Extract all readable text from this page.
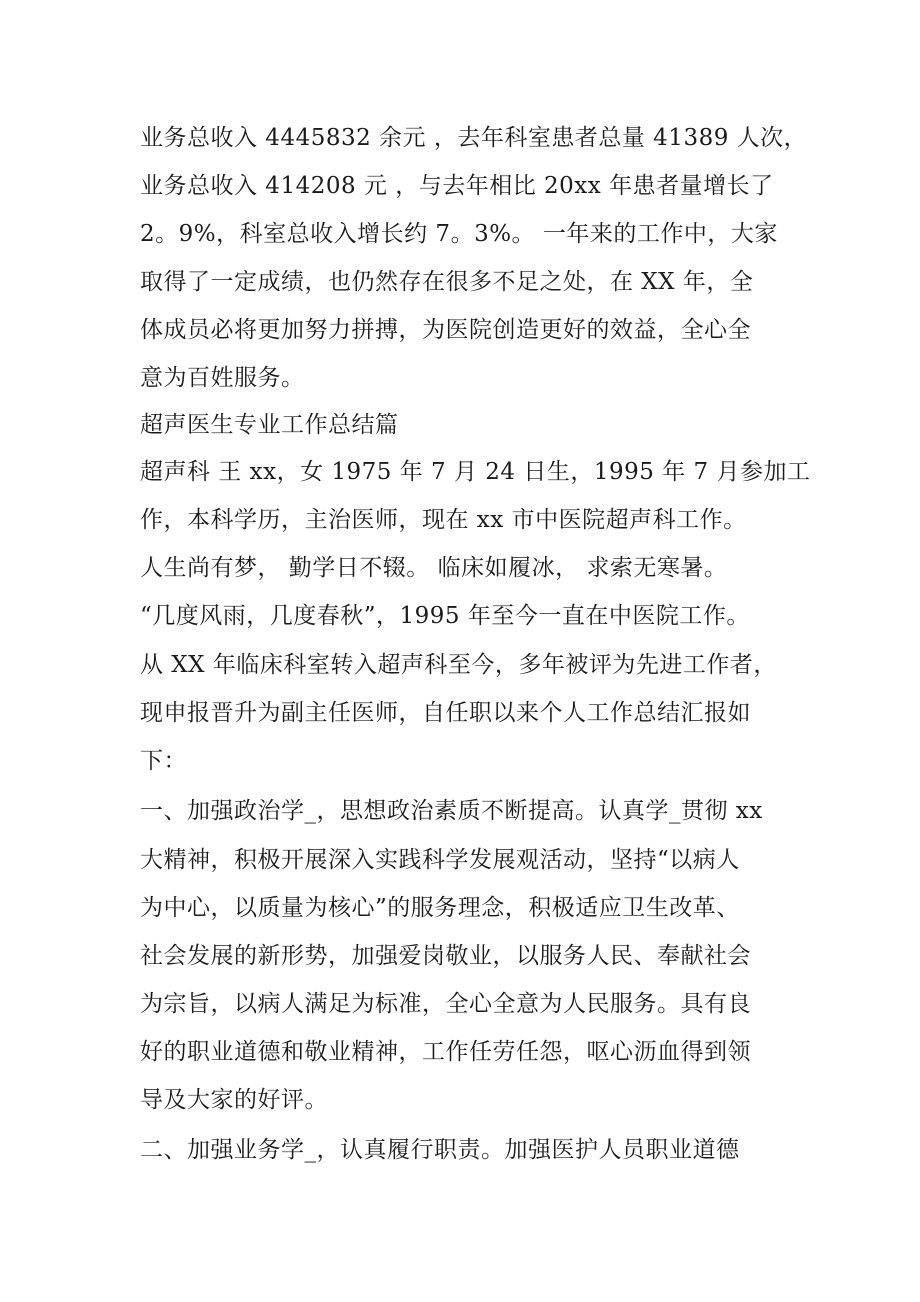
业务总收入 4445832 余元 ，去年科室患者总量 41389 人次，
业务总收入 414208 元 ，与去年相比 20xx 年患者量增长了
2。9%，科室总收入增长约 7。3%。 一年来的工作中，大家
取得了一定成绩，也仍然存在很多不足之处，在 XX 年，全
体成员必将更加努力拼搏，为医院创造更好的效益，全心全
意为百姓服务。
超声医生专业工作总结篇
超声科 王 xx，女 1975 年 7 月 24 日生，1995 年 7 月参加工
作，本科学历，主治医师，现在 xx 市中医院超声科工作。
人生尚有梦， 勤学日不辍。 临床如履冰， 求索无寒暑。
“几度风雨，几度春秋”，1995 年至今一直在中医院工作。
从 XX 年临床科室转入超声科至今，多年被评为先进工作者，
现申报晋升为副主任医师，自任职以来个人工作总结汇报如
下：
一、加强政治学_，思想政治素质不断提高。认真学_贯彻 xx
大精神，积极开展深入实践科学发展观活动，坚持“以病人
为中心，以质量为核心”的服务理念，积极适应卫生改革、
社会发展的新形势，加强爱岗敬业，以服务人民、奉献社会
为宗旨，以病人满足为标准，全心全意为人民服务。具有良
好的职业道德和敬业精神，工作任劳任怨，呕心沥血得到领
导及大家的好评。
二、加强业务学_，认真履行职责。加强医护人员职业道德
